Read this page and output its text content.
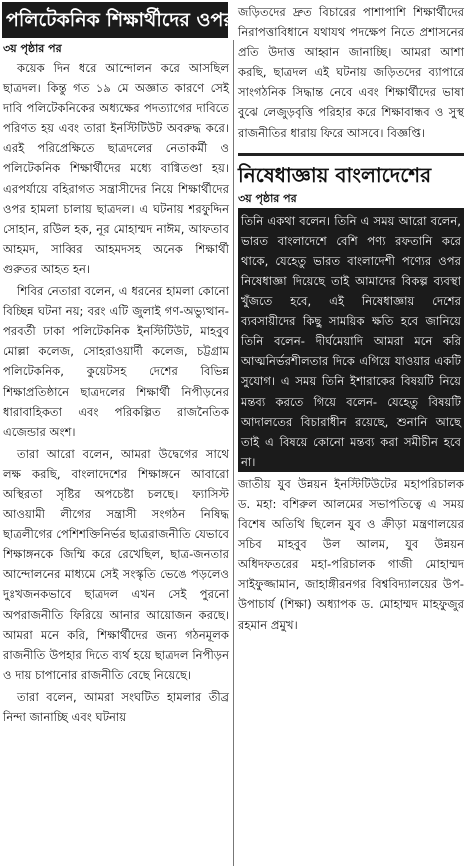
পলিটেকনিক শিক্ষার্থীদের ওপর হামলার
৩য় পৃষ্ঠার পর

কয়েক দিন ধরে আন্দোলন করে আসছিল ছাত্রদল। কিন্তু গত ১৯ মে অজ্ঞাত কারণে সেই দাবি পলিটেকনিকের অধ্যক্ষের পদত্যাগের দাবিতে পরিণত হয় এবং তারা ইনস্টিটিউট অবরুদ্ধ করে। এরই পরিপ্রেক্ষিতে ছাত্রদলের নেতাকর্মী ও পলিটেকনিক শিক্ষার্থীদের মধ্যে বাগ্বিতণ্ডা হয়। এরপর্যায়ে বহিরাগত সন্ত্রাসীদের নিয়ে শিক্ষার্থীদের ওপর হামলা চালায় ছাত্রদল। এ ঘটনায় শরফুদ্দিন সোহান, রউিল হক, নূর মোহাম্মদ নাঈম, আফতাব আহমদ, সাব্বির আহমদসহ অনেক শিক্ষার্থী গুরুতর আহত হন।

শিবির নেতারা বলেন, এ ধরনের হামলা কোনো বিচ্ছিন্ন ঘটনা নয়; বরং এটি জুলাই গণ-অভ্যুত্থান-পরবর্তী ঢাকা পলিটেকনিক ইনস্টিটিউট, মাহবুব মোল্লা কলেজ, সোহরাওয়ার্দী কলেজ, চট্টগ্রাম পলিটেকনিক, কুয়েটসহ দেশের বিভিন্ন শিক্ষাপ্রতিষ্ঠানে ছাত্রদলের শিক্ষার্থী নিপীড়নের ধারাবাহিকতা এবং পরিকল্পিত রাজনৈতিক এজেন্ডার অংশ।

তারা আরো বলেন, আমরা উদ্বেগের সাথে লক্ষ করছি, বাংলাদেশের শিক্ষাঙ্গনে আবারো অস্থিরতা সৃষ্টির অপচেষ্টা চলছে। ফ্যাসিস্ট আওয়ামী লীগের সন্ত্রাসী সংগঠন নিষিদ্ধ ছাত্রলীগের পেশিশক্তিনির্ভর ছাত্ররাজনীতি যেভাবে শিক্ষাঙ্গনকে জিম্মি করে রেখেছিল, ছাত্র-জনতার আন্দোলনের মাধ্যমে সেই সংস্কৃতি ভেঙে পড়লেও দুঃখজনকভাবে ছাত্রদল এখন সেই পুরনো অপরাজনীতি ফিরিয়ে আনার আয়োজন করছে। আমরা মনে করি, শিক্ষার্থীদের জন্য গঠনমূলক রাজনীতি উপহার দিতে ব্যর্থ হয়ে ছাত্রদল নিপীড়ন ও দায় চাপানোর রাজনীতি বেছে নিয়েছে।

তারা বলেন, আমরা সংঘটিত হামলার তীব্র নিন্দা জানাচ্ছি এবং ঘটনায়

জড়িতদের দ্রুত বিচারের পাশাপাশি শিক্ষার্থীদের নিরাপত্তাবিধানে যথাযথ পদক্ষেপ নিতে প্রশাসনের প্রতি উদাত্ত আহ্বান জানাচ্ছি। আমরা আশা করছি, ছাত্রদল এই ঘটনায় জড়িতদের ব্যাপারে সাংগঠনিক সিদ্ধান্ত নেবে এবং শিক্ষার্থীদের ভাষা বুঝে লেজুড়বৃত্তি পরিহার করে শিক্ষাবান্ধব ও সুস্থ রাজনীতির ধারায় ফিরে আসবে। বিজ্ঞপ্তি।

নিষেধাজ্ঞায় বাংলাদেশের
৩য় পৃষ্ঠার পর

তিনি একথা বলেন। তিনি এ সময় আরো বলেন, ভারত বাংলাদেশে বেশি পণ্য রফতানি করে থাকে, যেহেতু ভারত বাংলাদেশী পণ্যের ওপর নিষেধাজ্ঞা দিয়েছে তাই আমাদের বিকল্প ব্যবস্থা খুঁজতে হবে, এই নিষেধাজ্ঞায় দেশের ব্যবসায়ীদের কিছু সাময়িক ক্ষতি হবে জানিয়ে তিনি বলেন- দীর্ঘমেয়াদি আমরা মনে করি আত্মনির্ভরশীলতার দিকে এগিয়ে যাওয়ার একটি সুযোগ। এ সময় তিনি ইশারাকের বিষয়টি নিয়ে মন্তব্য করতে গিয়ে বলেন- যেহেতু বিষয়টি আদালতের বিচারাধীন রয়েছে, শুনানি আছে তাই এ বিষয়ে কোনো মন্তব্য করা সমীচীন হবে না।

জাতীয় যুব উন্নয়ন ইনস্টিটিউটের মহাপরিচালক ড. মহা: বশিরুল আলমের সভাপতিত্বে এ সময় বিশেষ অতিথি ছিলেন যুব ও ক্রীড়া মন্ত্রণালয়ের সচিব মাহবুব উল আলম, যুব উন্নয়ন অধিদফতরের মহা-পরিচালক গাজী মোহাম্মদ সাইফুজ্জামান, জাহাঙ্গীরনগর বিশ্ববিদ্যালয়ের উপ-উপাচার্য (শিক্ষা) অধ্যাপক ড. মোহাম্মদ মাহফুজুর রহমান প্রমুখ।
